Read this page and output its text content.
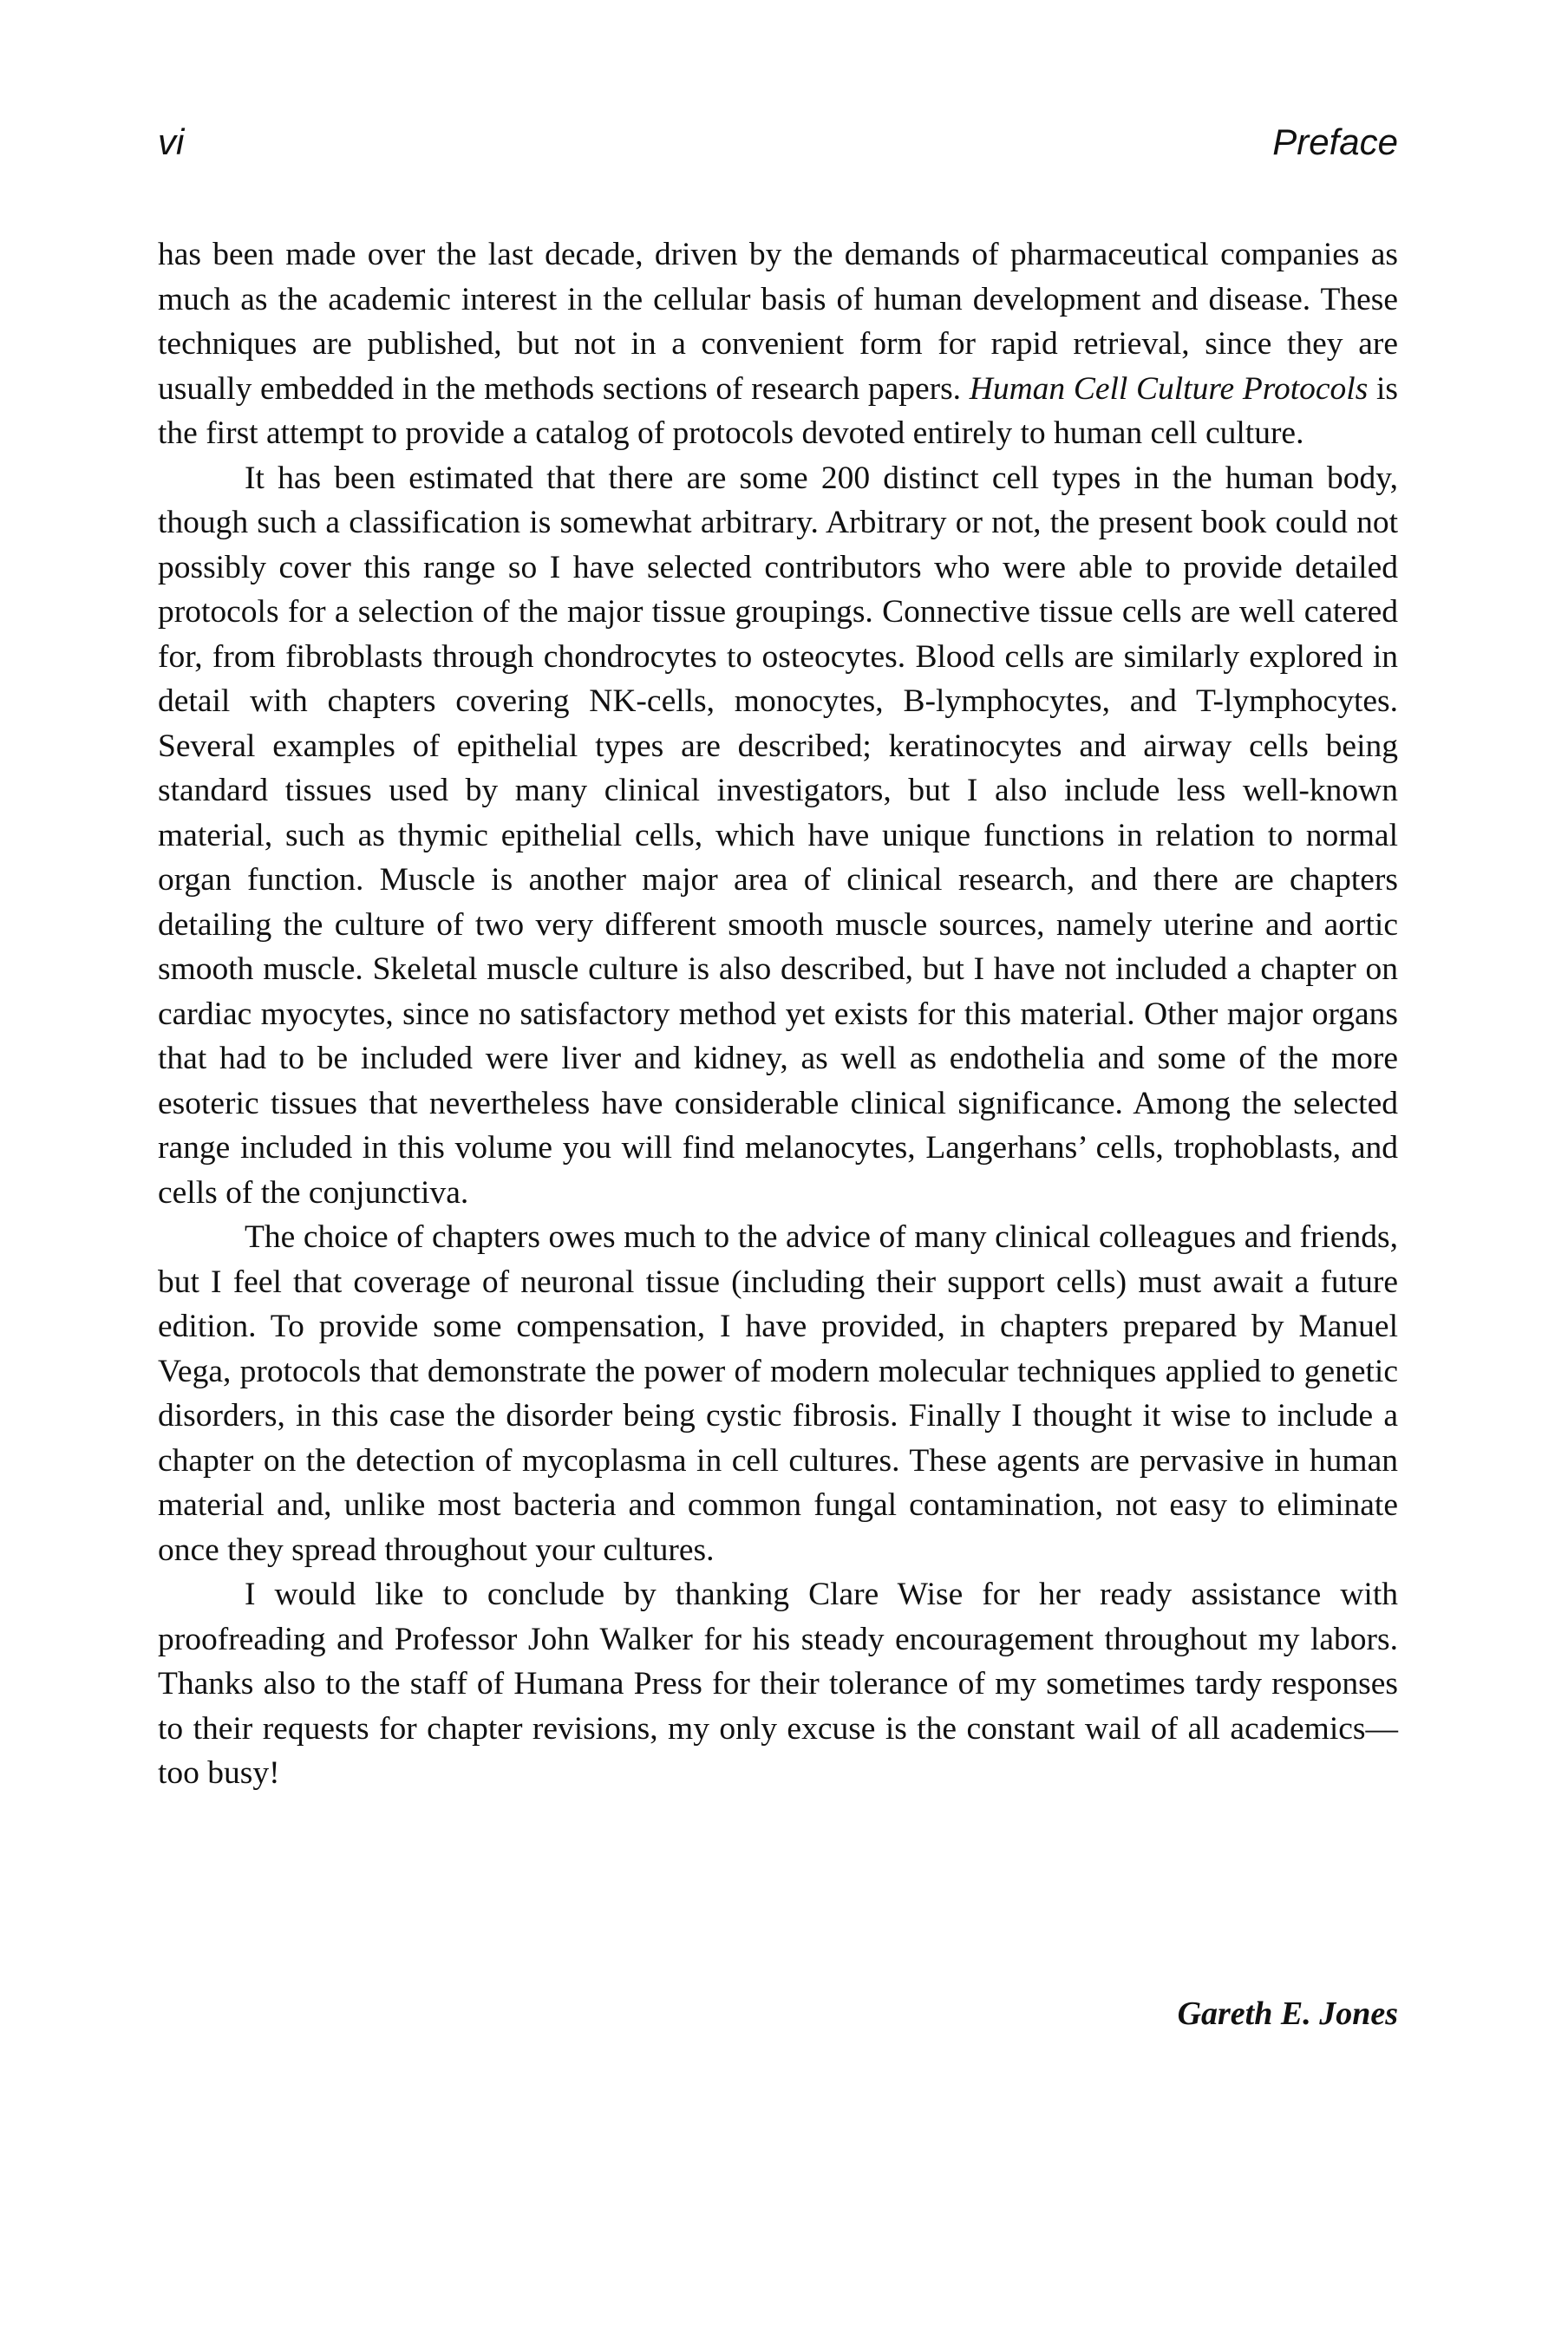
vi	Preface

has been made over the last decade, driven by the demands of pharmaceutical companies as much as the academic interest in the cellular basis of human development and disease. These techniques are published, but not in a convenient form for rapid retrieval, since they are usually embedded in the methods sections of research papers. Human Cell Culture Protocols is the first attempt to provide a catalog of protocols devoted entirely to human cell culture.

It has been estimated that there are some 200 distinct cell types in the human body, though such a classification is somewhat arbitrary. Arbitrary or not, the present book could not possibly cover this range so I have selected contributors who were able to provide detailed protocols for a selection of the major tissue groupings. Connective tissue cells are well catered for, from fibroblasts through chondrocytes to osteocytes. Blood cells are similarly explored in detail with chapters covering NK-cells, monocytes, B-lymphocytes, and T-lymphocytes. Several examples of epithelial types are described; keratinocytes and airway cells being standard tissues used by many clinical investigators, but I also include less well-known material, such as thymic epithelial cells, which have unique functions in relation to normal organ function. Muscle is another major area of clinical research, and there are chapters detailing the culture of two very different smooth muscle sources, namely uterine and aortic smooth muscle. Skeletal muscle culture is also described, but I have not included a chapter on cardiac myocytes, since no satisfactory method yet exists for this material. Other major organs that had to be included were liver and kidney, as well as endothelia and some of the more esoteric tissues that nevertheless have considerable clinical significance. Among the selected range included in this volume you will find melanocytes, Langerhans’ cells, trophoblasts, and cells of the conjunctiva.

The choice of chapters owes much to the advice of many clinical colleagues and friends, but I feel that coverage of neuronal tissue (including their support cells) must await a future edition. To provide some compensation, I have provided, in chapters prepared by Manuel Vega, protocols that demonstrate the power of modern molecular techniques applied to genetic disorders, in this case the disorder being cystic fibrosis. Finally I thought it wise to include a chapter on the detection of mycoplasma in cell cultures. These agents are pervasive in human material and, unlike most bacteria and common fungal contamination, not easy to eliminate once they spread throughout your cultures.

I would like to conclude by thanking Clare Wise for her ready assistance with proofreading and Professor John Walker for his steady encouragement throughout my labors. Thanks also to the staff of Humana Press for their tolerance of my sometimes tardy responses to their requests for chapter revisions, my only excuse is the constant wail of all academics—too busy!

Gareth E. Jones
